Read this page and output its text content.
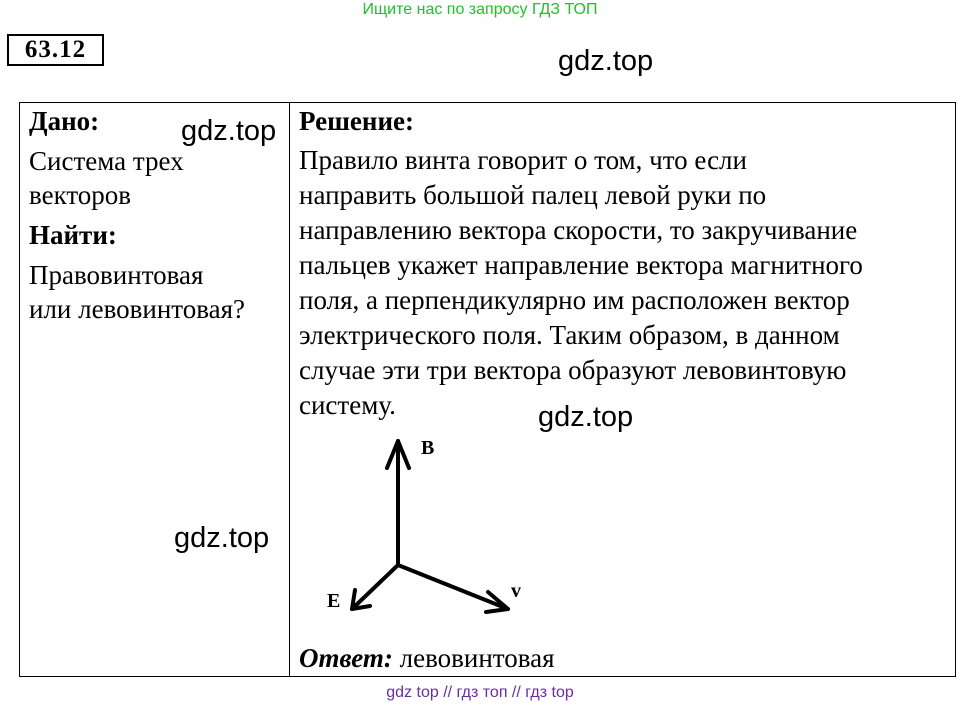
Ищите нас по запросу ГДЗ ТОП
63.12	gdz.top
Дано:
Система трех
векторов
Найти:
Правовинтовая
или левовинтовая?
gdz.top Решение:
Правило винта говорит о том, что если
направить большой палец левой руки по
направлению вектора скорости, то закручивание
пальцев укажет направление вектора магнитного
поля, а перпендикулярно им расположен вектор
электрического поля. Таким образом, в данном
случае эти три вектора образуют левовинтовую
систему.	gdz.top
gdz.top
B
E	v
Ответ: левовинтовая
gdz top // гдз топ // гдз top
